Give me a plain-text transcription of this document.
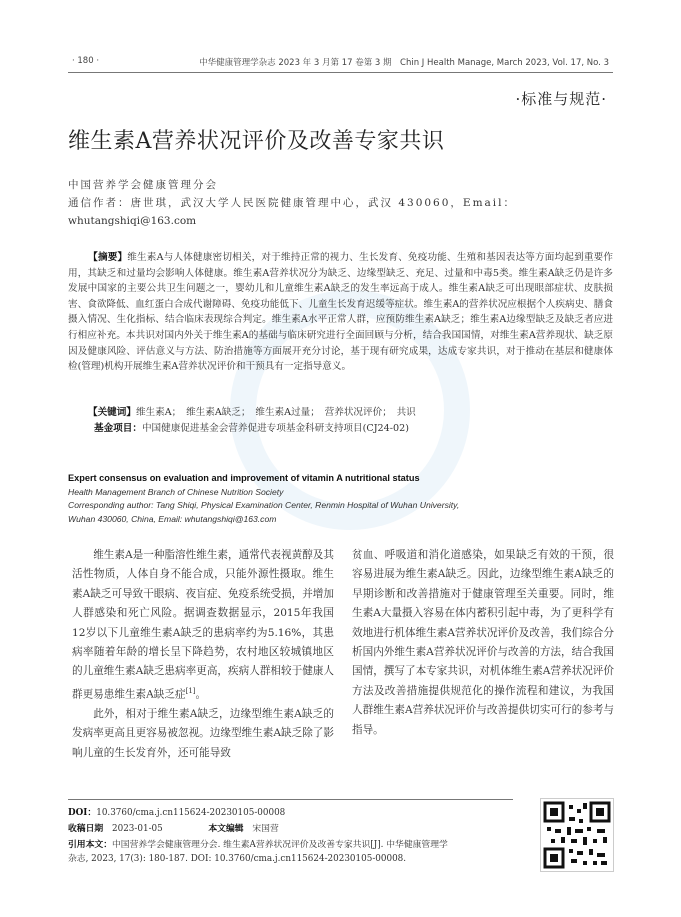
· 180 ·	中华健康管理学杂志 2023 年 3 月第 17 卷第 3 期　Chin J Health Manage, March 2023, Vol. 17, No. 3
·标准与规范·
维生素A营养状况评价及改善专家共识
中国营养学会健康管理分会
通信作者：唐世琪，武汉大学人民医院健康管理中心，武汉 430060，Email：
whutangshiqi@163.com
【摘要】维生素A与人体健康密切相关，对于维持正常的视力、生长发育、免疫功能、生殖和基因表达等方面均起到重要作用，其缺乏和过量均会影响人体健康。维生素A营养状况分为缺乏、边缘型缺乏、充足、过量和中毒5类。维生素A缺乏仍是许多发展中国家的主要公共卫生问题之一，婴幼儿和儿童维生素A缺乏的发生率远高于成人。维生素A缺乏可出现眼部症状、皮肤损害、食欲降低、血红蛋白合成代谢障碍、免疫功能低下、儿童生长发育迟缓等症状。维生素A的营养状况应根据个人疾病史、膳食摄入情况、生化指标、结合临床表现综合判定。维生素A水平正常人群，应预防维生素A缺乏；维生素A边缘型缺乏及缺乏者应进行相应补充。本共识对国内外关于维生素A的基础与临床研究进行全面回顾与分析，结合我国国情，对维生素A营养现状、缺乏原因及健康风险、评估意义与方法、防治措施等方面展开充分讨论，基于现有研究成果，达成专家共识，对于推动在基层和健康体检(管理)机构开展维生素A营养状况评价和干预具有一定指导意义。
【关键词】维生素A；　维生素A缺乏；　维生素A过量；　营养状况评价；　共识
基金项目：中国健康促进基金会营养促进专项基金科研支持项目(CJ24-02)
Expert consensus on evaluation and improvement of vitamin A nutritional status
Health Management Branch of Chinese Nutrition Society
Corresponding author: Tang Shiqi, Physical Examination Center, Renmin Hospital of Wuhan University,
Wuhan 430060, China, Email: whutangshiqi@163.com

维生素A是一种脂溶性维生素，通常代表视黄醇及其活性物质，人体自身不能合成，只能外源性摄取。维生素A缺乏可导致干眼病、夜盲症、免疫系统受损，并增加人群感染和死亡风险。据调查数据显示，2015年我国12岁以下儿童维生素A缺乏的患病率约为5.16%，其患病率随着年龄的增长呈下降趋势，农村地区较城镇地区的儿童维生素A缺乏患病率更高，疾病人群相较于健康人群更易患维生素A缺乏症[1]。

此外，相对于维生素A缺乏，边缘型维生素A缺乏的发病率更高且更容易被忽视。边缘型维生素A缺乏除了影响儿童的生长发育外，还可能导致

贫血、呼吸道和消化道感染，如果缺乏有效的干预，很容易进展为维生素A缺乏。因此，边缘型维生素A缺乏的早期诊断和改善措施对于健康管理至关重要。同时，维生素A大量摄入容易在体内蓄积引起中毒，为了更科学有效地进行机体维生素A营养状况评价及改善，我们综合分析国内外维生素A营养状况评价与改善的方法，结合我国国情，撰写了本专家共识，对机体维生素A营养状况评价方法及改善措施提供规范化的操作流程和建议，为我国人群维生素A营养状况评价与改善提供切实可行的参考与指导。

DOI：10.3760/cma.j.cn115624-20230105-00008
收稿日期　 2023-01-05	本文编辑　 宋国营
引用本文：中国营养学会健康管理分会. 维生素A营养状况评价及改善专家共识[J]. 中华健康管理学
杂志, 2023, 17(3): 180-187. DOI: 10.3760/cma.j.cn115624-20230105-00008.
